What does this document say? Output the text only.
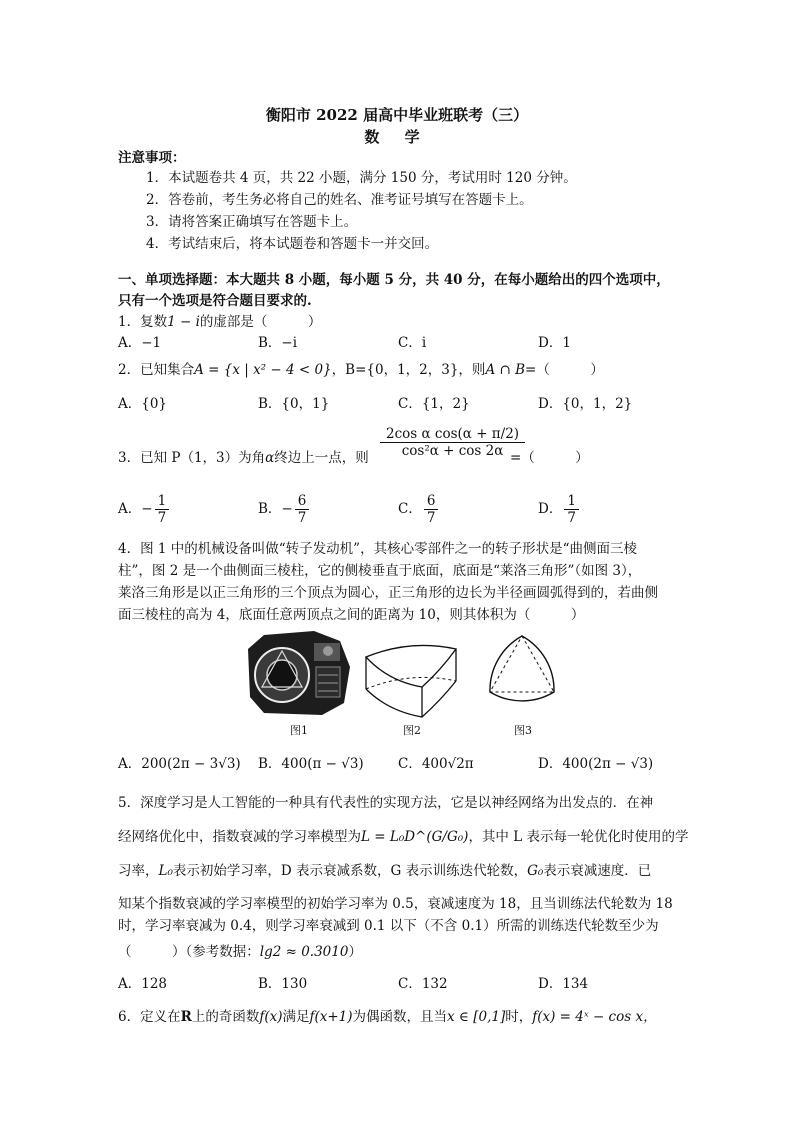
衡阳市 2022 届高中毕业班联考（三）
数 学
注意事项：
1．本试题卷共 4 页，共 22 小题，满分 150 分，考试用时 120 分钟。
2．答卷前，考生务必将自己的姓名、准考证号填写在答题卡上。
3．请将答案正确填写在答题卡上。
4．考试结束后，将本试题卷和答题卡一并交回。
一、单项选择题：本大题共 8 小题，每小题 5 分，共 40 分，在每小题给出的四个选项中，
只有一个选项是符合题目要求的.
1．复数1 − i的虚部是（　　　）
A．−1	B．−i	C．i	D．1
2．已知集合A = {x | x² − 4 < 0}，B={0，1，2，3}，则A ∩ B=（　　　）
A．{0}	B．{0，1}	C．{1，2}	D．{0，1，2}
3．已知 P（1，3）为角α终边上一点，则 $\frac{\text{2cos α cos(α + π/2)}}{\text{cos²α + cos 2α}}$
=（　　　）
A．− $\frac{1}{7}$	B．− $\frac{6}{7}$	C． $\frac{6}{7}$	D． $\frac{1}{7}$
4．图 1 中的机械设备叫做“转子发动机”，其核心零部件之一的转子形状是“曲侧面三棱
柱”，图 2 是一个曲侧面三棱柱，它的侧棱垂直于底面，底面是“莱洛三角形”（如图 3），
莱洛三角形是以正三角形的三个顶点为圆心，正三角形的边长为半径画圆弧得到的，若曲侧
面三棱柱的高为 4，底面任意两顶点之间的距离为 10，则其体积为（　　　）
图1	图2	图3
A．200(2π − 3√3) B．400(π − √3)	C．400√2π	D．400(2π − √3)
5．深度学习是人工智能的一种具有代表性的实现方法，它是以神经网络为出发点的．在神
经网络优化中，指数衰减的学习率模型为L = L₀D^(G/G₀)，其中 L 表示每一轮优化时使用的学
习率，L₀表示初始学习率，D 表示衰减系数，G 表示训练迭代轮数，G₀表示衰减速度．已
知某个指数衰减的学习率模型的初始学习率为 0.5，衰减速度为 18，且当训练法代轮数为 18
时，学习率衰减为 0.4，则学习率衰减到 0.1 以下（不含 0.1）所需的训练迭代轮数至少为
（　　　）（参考数据：lg2 ≈ 0.3010）
A．128	B．130	C．132	D．134
6．定义在R上的奇函数f(x)满足f(x+1)为偶函数，且当x ∈ [0,1]时，f(x) = 4ˣ − cos x，
